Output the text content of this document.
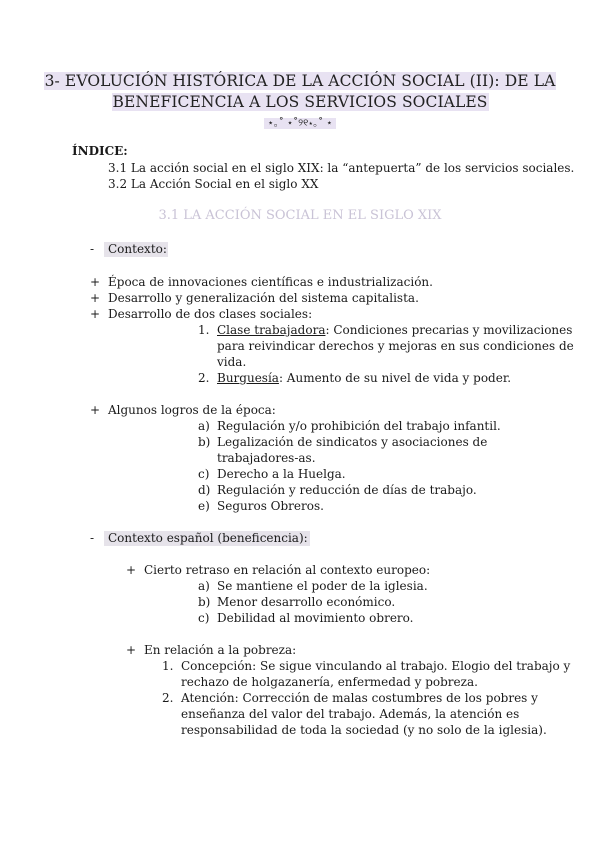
3- EVOLUCIÓN HISTÓRICA DE LA ACCIÓN SOCIAL (II): DE LA
BENEFICENCIA A LOS SERVICIOS SOCIALES
⋆｡˚ ⋆˚୨୧⋆｡˚ ⋆
ÍNDICE:
3.1 La acción social en el siglo XIX: la “antepuerta” de los servicios sociales.
3.2 La Acción Social en el siglo XX
3.1 LA ACCIÓN SOCIAL EN EL SIGLO XIX
-	Contexto:
+ Época de innovaciones científicas e industrialización.
+ Desarrollo y generalización del sistema capitalista.
+ Desarrollo de dos clases sociales:
1. Clase trabajadora: Condiciones precarias y movilizaciones
para reivindicar derechos y mejoras en sus condiciones de
vida.
2. Burguesía: Aumento de su nivel de vida y poder.
+ Algunos logros de la época:
a) Regulación y/o prohibición del trabajo infantil.
b) Legalización de sindicatos y asociaciones de
trabajadores-as.
c) Derecho a la Huelga.
d) Regulación y reducción de días de trabajo.
e) Seguros Obreros.
-	Contexto español (beneficencia):
+ Cierto retraso en relación al contexto europeo:
a) Se mantiene el poder de la iglesia.
b) Menor desarrollo económico.
c) Debilidad al movimiento obrero.
+ En relación a la pobreza:
1. Concepción: Se sigue vinculando al trabajo. Elogio del trabajo y
rechazo de holgazanería, enfermedad y pobreza.
2. Atención: Corrección de malas costumbres de los pobres y
enseñanza del valor del trabajo. Además, la atención es
responsabilidad de toda la sociedad (y no solo de la iglesia).
